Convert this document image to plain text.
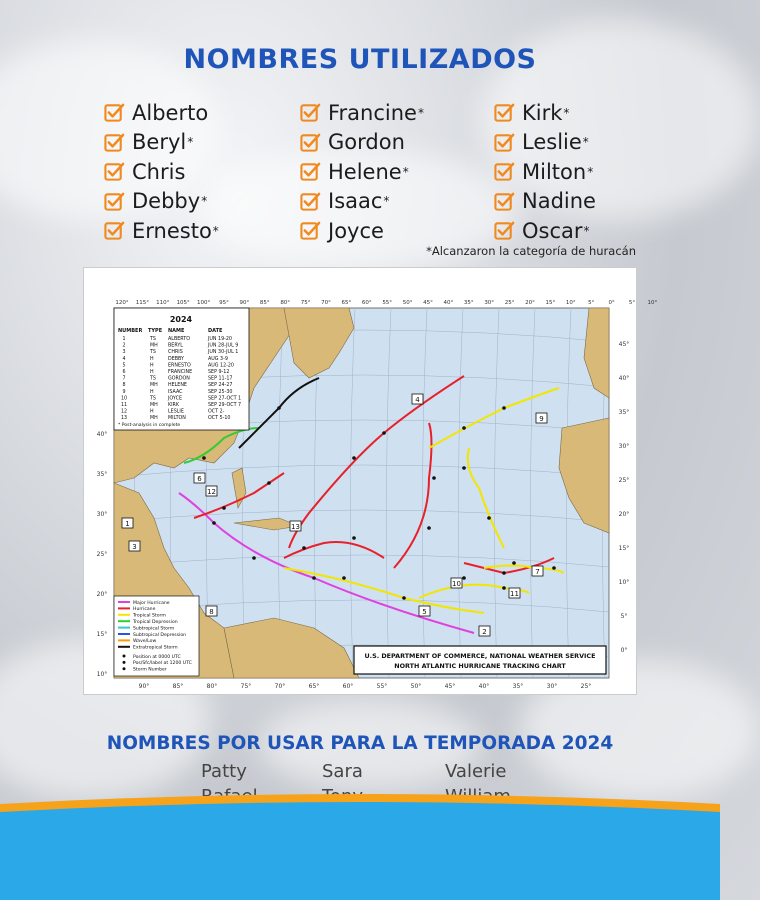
NOMBRES UTILIZADOS
Alberto
Beryl *
Chris
Debby *
Ernesto *
Francine *
Gordon
Helene *
Isaac *
Joyce
Kirk *
Leslie *
Milton *
Nadine
Oscar *
*Alcanzaron la categoría de huracán
1
2
3
4
5
6
7
8
9
10
11
12
13
120° 115° 110° 105° 100° 95° 90° 85° 80° 75° 70° 65° 60° 55° 50° 45° 40° 35° 30° 25° 20° 15° 10° 5°	0°	5° 10°
90°	85°	80°	75°	70°	65°	60°	55°	50°	45°	40°	35°	30°	25°
45°
40°
35°
30°
25°
20°
15°
10°
5°
0°
40°
35°
30°
25°
20°
15°
10°
2024
NUMBER TYPE NAME	DATE
1	TS	ALBERTO	JUN 19-20
2	MH BERYL	JUN 28-JUL 9
3	TS	CHRIS	JUN 30-JUL 1
4	H	DEBBY	AUG 3-9
5	H	ERNESTO	AUG 12-20
6	H	FRANCINE	SEP 9-12
7	TS	GORDON	SEP 11-17
8	MH HELENE	SEP 24-27
9	H	ISAAC	SEP 25-30
10	TS	JOYCE	SEP 27-OCT 1
11	MH KIRK	SEP 29-OCT 7
12	H	LESLIE	OCT 2-
13	MH MILTON	OCT 5-10
* Post-analysis in complete
Major Hurricane
Hurricane
Tropical Storm
Tropical Depression
Subtropical Storm
Subtropical Depression
Wave/Low
Extratropical Storm
Position at 0000 UTC
Pos/Sfc/label at 1200 UTC
Storm Number
U.S. DEPARTMENT OF COMMERCE, NATIONAL WEATHER SERVICE
NORTH ATLANTIC HURRICANE TRACKING CHART
NOMBRES POR USAR PARA LA TEMPORADA 2024
Patty	Sara	Valerie
